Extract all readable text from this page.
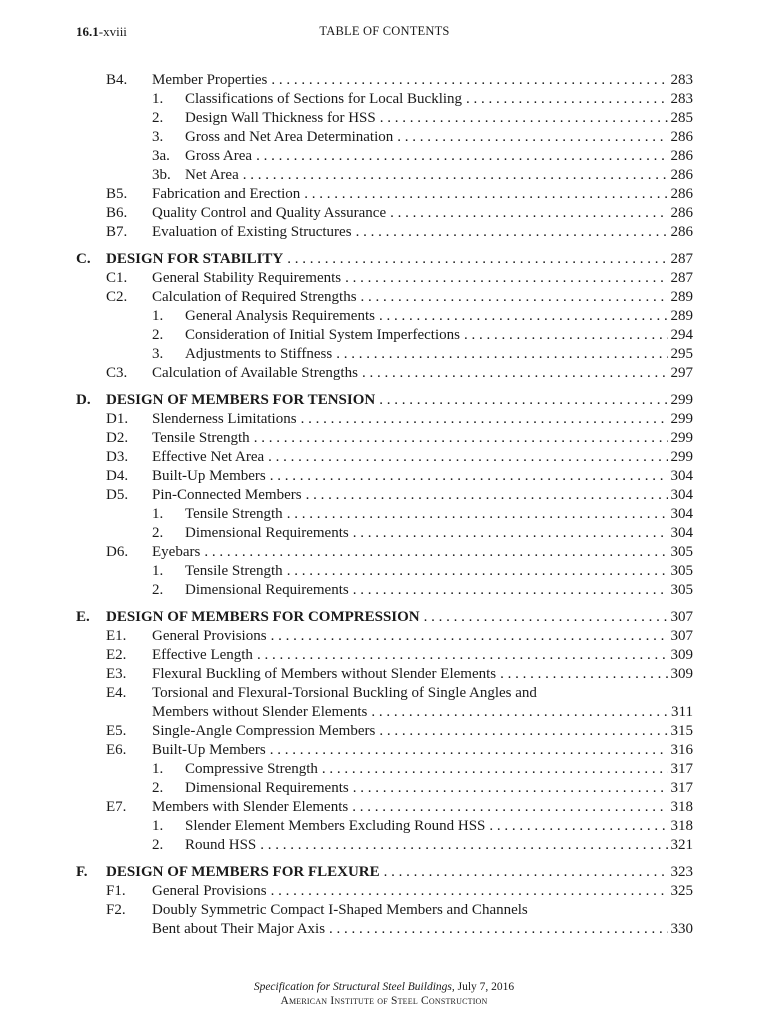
16.1-xviii	TABLE OF CONTENTS
B4. Member Properties . . .	283
1. Classifications of Sections for Local Buckling . . .	283
2. Design Wall Thickness for HSS . . .	285
3. Gross and Net Area Determination . . .	286
3a. Gross Area . . .	286
3b. Net Area . . .	286
B5. Fabrication and Erection . . .	286
B6. Quality Control and Quality Assurance . . .	286
B7. Evaluation of Existing Structures . . .	286
C. DESIGN FOR STABILITY . . .	287
C1. General Stability Requirements . . .	287
C2. Calculation of Required Strengths . . .	289
1. General Analysis Requirements . . .	289
2. Consideration of Initial System Imperfections . . .	294
3. Adjustments to Stiffness . . .	295
C3. Calculation of Available Strengths . . .	297
D. DESIGN OF MEMBERS FOR TENSION . . .	299
D1. Slenderness Limitations . . .	299
D2. Tensile Strength . . .	299
D3. Effective Net Area . . .	299
D4. Built-Up Members . . .	304
D5. Pin-Connected Members . . .	304
1. Tensile Strength . . .	304
2. Dimensional Requirements . . .	304
D6. Eyebars . . .	305
1. Tensile Strength . . .	305
2. Dimensional Requirements . . .	305
E. DESIGN OF MEMBERS FOR COMPRESSION . . .	307
E1. General Provisions . . .	307
E2. Effective Length . . .	309
E3. Flexural Buckling of Members without Slender Elements . . .	309
E4. Torsional and Flexural-Torsional Buckling of Single Angles and
Members without Slender Elements . . .	311
E5. Single-Angle Compression Members . . .	315
E6. Built-Up Members . . .	316
1. Compressive Strength . . .	317
2. Dimensional Requirements . . .	317
E7. Members with Slender Elements . . .	318
1. Slender Element Members Excluding Round HSS . . .	318
2. Round HSS . . .	321
F. DESIGN OF MEMBERS FOR FLEXURE . . .	323
F1. General Provisions . . .	325
F2. Doubly Symmetric Compact I-Shaped Members and Channels
Bent about Their Major Axis . . .	330
Specification for Structural Steel Buildings, July 7, 2016
American Institute of Steel Construction
